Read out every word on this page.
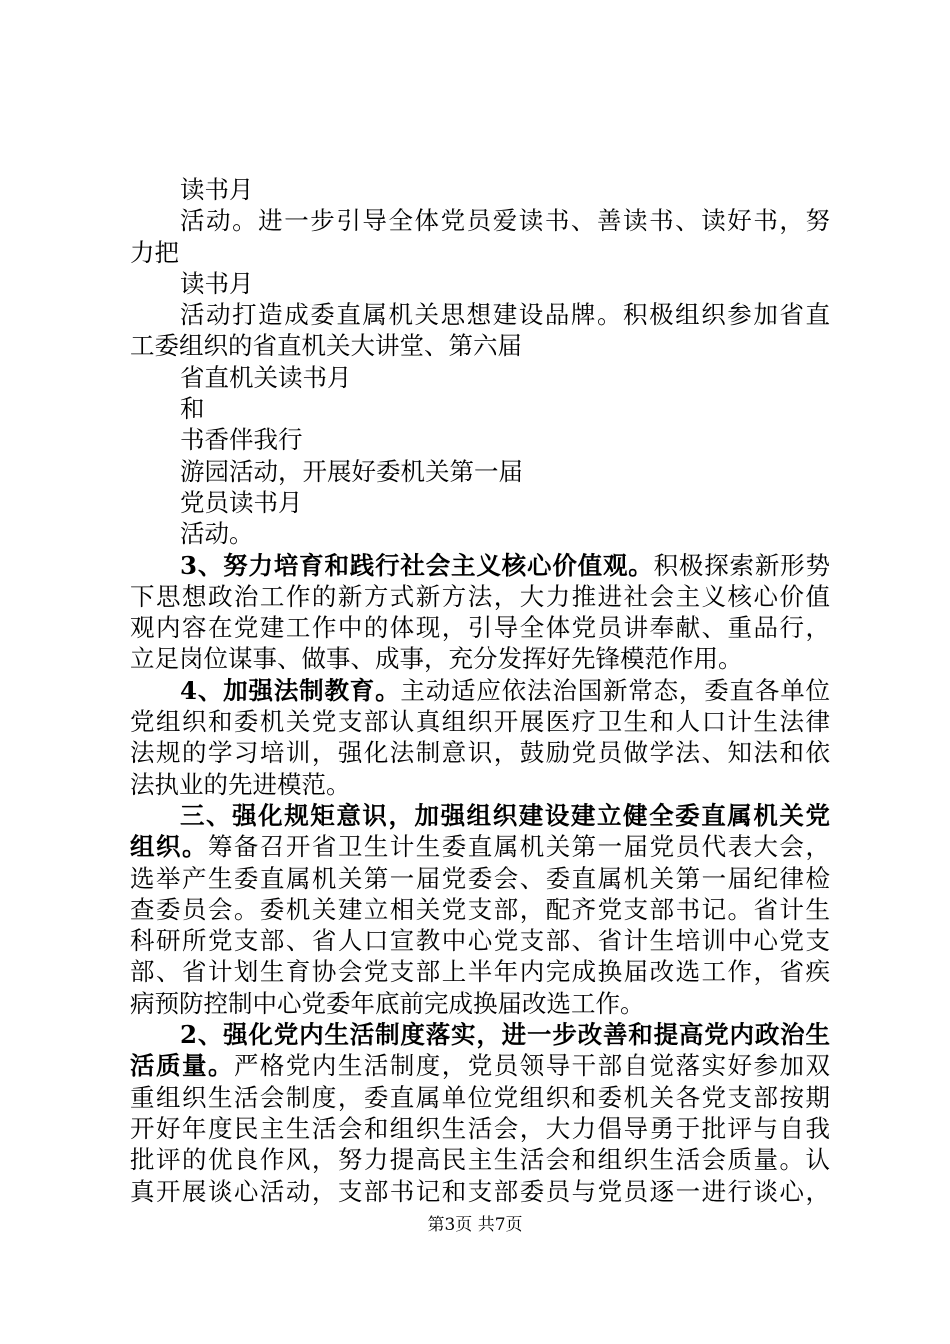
读书月
活动。进一步引导全体党员爱读书、善读书、读好书，努
力把
读书月
活动打造成委直属机关思想建设品牌。积极组织参加省直
工委组织的省直机关大讲堂、第六届
省直机关读书月
和
书香伴我行
游园活动，开展好委机关第一届
党员读书月
活动。
3、努力培育和践行社会主义核心价值观。积极探索新形势
下思想政治工作的新方式新方法，大力推进社会主义核心价值
观内容在党建工作中的体现，引导全体党员讲奉献、重品行，
立足岗位谋事、做事、成事，充分发挥好先锋模范作用。
4、加强法制教育。主动适应依法治国新常态，委直各单位
党组织和委机关党支部认真组织开展医疗卫生和人口计生法律
法规的学习培训，强化法制意识，鼓励党员做学法、知法和依
法执业的先进模范。
三、强化规矩意识，加强组织建设建立健全委直属机关党
组织。筹备召开省卫生计生委直属机关第一届党员代表大会，
选举产生委直属机关第一届党委会、委直属机关第一届纪律检
查委员会。委机关建立相关党支部，配齐党支部书记。省计生
科研所党支部、省人口宣教中心党支部、省计生培训中心党支
部、省计划生育协会党支部上半年内完成换届改选工作，省疾
病预防控制中心党委年底前完成换届改选工作。
2、强化党内生活制度落实，进一步改善和提高党内政治生
活质量。严格党内生活制度，党员领导干部自觉落实好参加双
重组织生活会制度，委直属单位党组织和委机关各党支部按期
开好年度民主生活会和组织生活会，大力倡导勇于批评与自我
批评的优良作风，努力提高民主生活会和组织生活会质量。认
真开展谈心活动，支部书记和支部委员与党员逐一进行谈心，
第3页 共7页
